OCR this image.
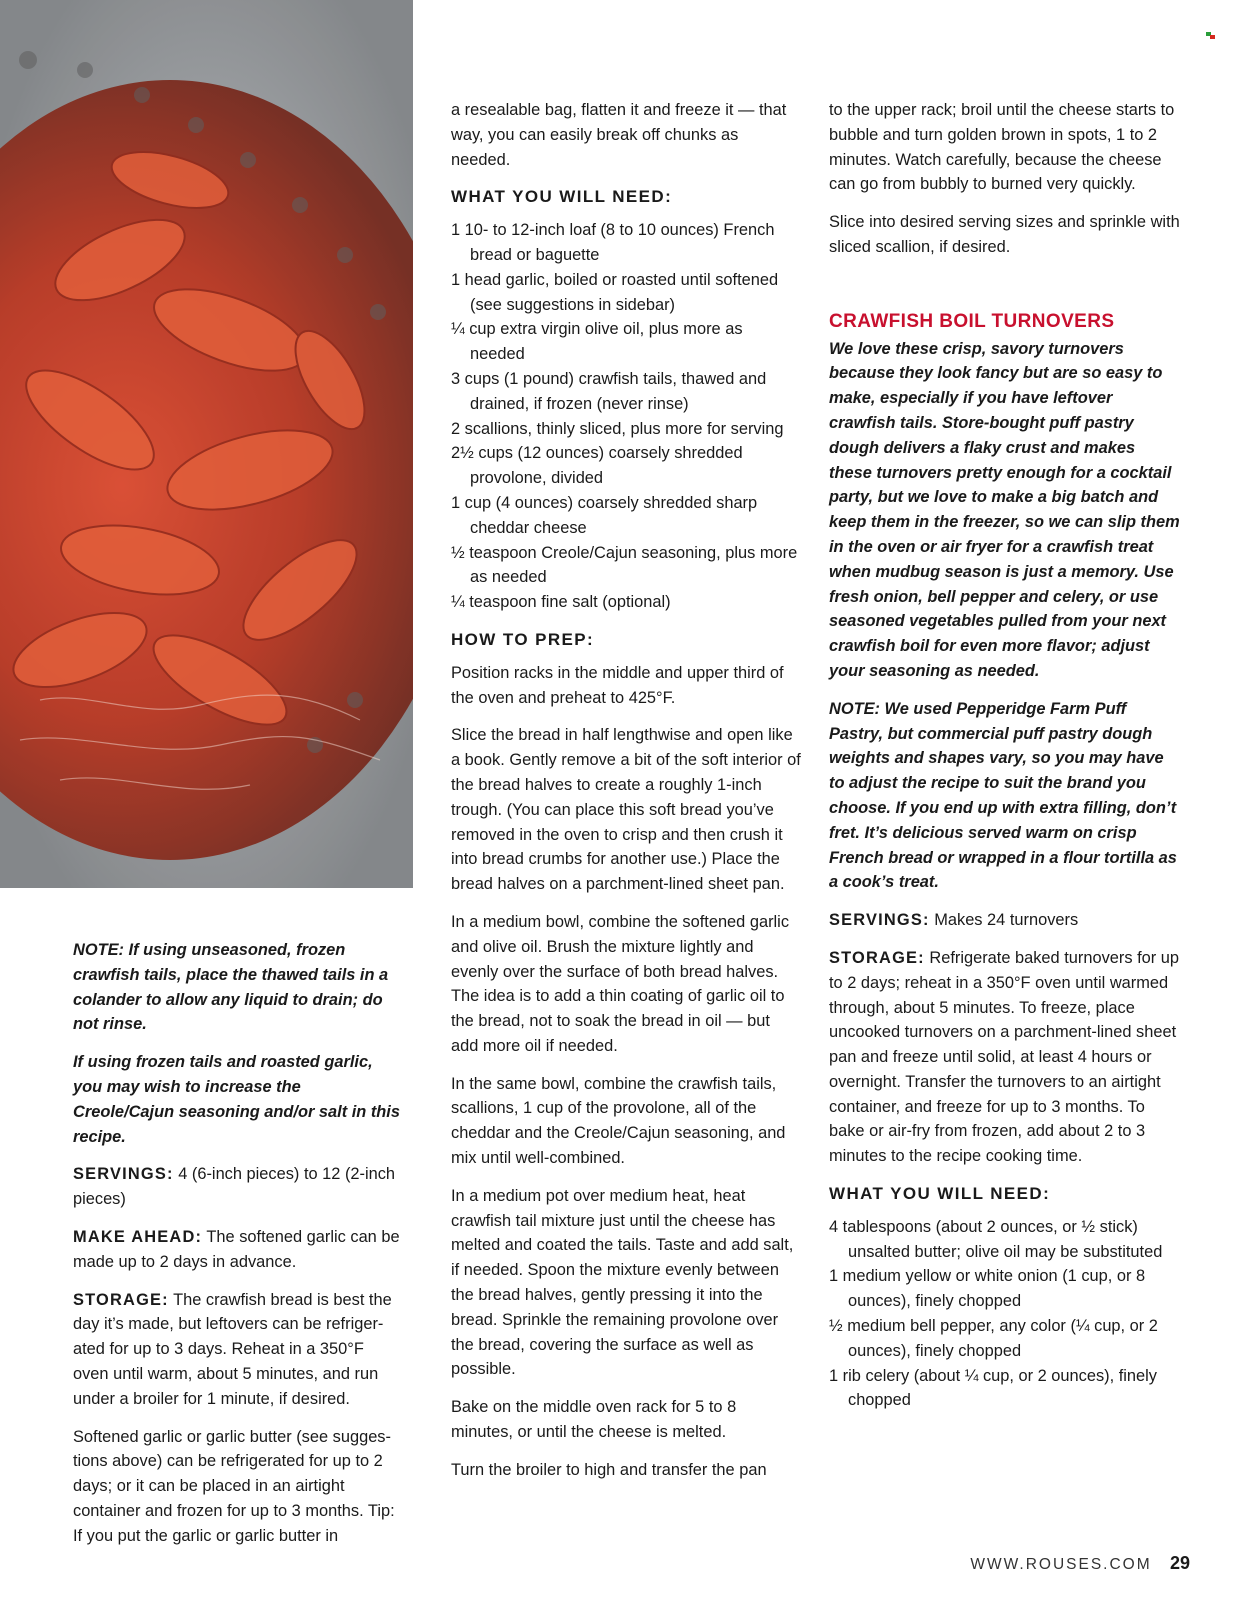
NOTE: If using unseasoned, frozen crawfish tails, place the thawed tails in a colander to allow any liquid to drain; do not rinse.

If using frozen tails and roasted garlic, you may wish to increase the Creole/Cajun seasoning and/or salt in this recipe.

SERVINGS: 4 (6-inch pieces) to 12 (2-inch pieces)

MAKE AHEAD: The softened garlic can be made up to 2 days in advance.

STORAGE: The crawfish bread is best the day it’s made, but leftovers can be refrigerated for up to 3 days. Reheat in a 350°F oven until warm, about 5 minutes, and run under a broiler for 1 minute, if desired.

Softened garlic or garlic butter (see suggestions above) can be refrigerated for up to 2 days; or it can be placed in an airtight container and frozen for up to 3 months. Tip: If you put the garlic or garlic butter in

a resealable bag, flatten it and freeze it — that way, you can easily break off chunks as needed.

WHAT YOU WILL NEED:
1 10- to 12-inch loaf (8 to 10 ounces) French bread or baguette
1 head garlic, boiled or roasted until softened (see suggestions in sidebar)
¼ cup extra virgin olive oil, plus more as needed
3 cups (1 pound) crawfish tails, thawed and drained, if frozen (never rinse)
2 scallions, thinly sliced, plus more for serving
2½ cups (12 ounces) coarsely shredded provolone, divided
1 cup (4 ounces) coarsely shredded sharp cheddar cheese
½ teaspoon Creole/Cajun seasoning, plus more as needed
¼ teaspoon fine salt (optional)
HOW TO PREP:

Position racks in the middle and upper third of the oven and preheat to 425°F.

Slice the bread in half lengthwise and open like a book. Gently remove a bit of the soft interior of the bread halves to create a roughly 1-inch trough. (You can place this soft bread you’ve removed in the oven to crisp and then crush it into bread crumbs for another use.) Place the bread halves on a parchment-lined sheet pan.

In a medium bowl, combine the softened garlic and olive oil. Brush the mixture lightly and evenly over the surface of both bread halves. The idea is to add a thin coating of garlic oil to the bread, not to soak the bread in oil — but add more oil if needed.

In the same bowl, combine the crawfish tails, scallions, 1 cup of the provolone, all of the cheddar and the Creole/Cajun seasoning, and mix until well-combined.

In a medium pot over medium heat, heat crawfish tail mixture just until the cheese has melted and coated the tails. Taste and add salt, if needed. Spoon the mixture evenly between the bread halves, gently pressing it into the bread. Sprinkle the remaining provolone over the bread, covering the surface as well as possible.

Bake on the middle oven rack for 5 to 8 minutes, or until the cheese is melted.

Turn the broiler to high and transfer the pan

to the upper rack; broil until the cheese starts to bubble and turn golden brown in spots, 1 to 2 minutes. Watch carefully, because the cheese can go from bubbly to burned very quickly.

Slice into desired serving sizes and sprinkle with sliced scallion, if desired.

CRAWFISH BOIL TURNOVERS

We love these crisp, savory turnovers because they look fancy but are so easy to make, especially if you have leftover crawfish tails. Store-bought puff pastry dough delivers a flaky crust and makes these turnovers pretty enough for a cocktail party, but we love to make a big batch and keep them in the freezer, so we can slip them in the oven or air fryer for a crawfish treat when mudbug season is just a memory. Use fresh onion, bell pepper and celery, or use seasoned vegetables pulled from your next crawfish boil for even more flavor; adjust your seasoning as needed.

NOTE: We used Pepperidge Farm Puff Pastry, but commercial puff pastry dough weights and shapes vary, so you may have to adjust the recipe to suit the brand you choose. If you end up with extra filling, don’t fret. It’s delicious served warm on crisp French bread or wrapped in a flour tortilla as a cook’s treat.

SERVINGS: Makes 24 turnovers

STORAGE: Refrigerate baked turnovers for up to 2 days; reheat in a 350°F oven until warmed through, about 5 minutes. To freeze, place uncooked turnovers on a parchment-lined sheet pan and freeze until solid, at least 4 hours or overnight. Transfer the turnovers to an airtight container, and freeze for up to 3 months. To bake or air-fry from frozen, add about 2 to 3 minutes to the recipe cooking time.

WHAT YOU WILL NEED:
4 tablespoons (about 2 ounces, or ½ stick) unsalted butter; olive oil may be substituted
1 medium yellow or white onion (1 cup, or 8 ounces), finely chopped
½ medium bell pepper, any color (¼ cup, or 2 ounces), finely chopped
1 rib celery (about ¼ cup, or 2 ounces), finely chopped
WWW.ROUSES.COM 29
